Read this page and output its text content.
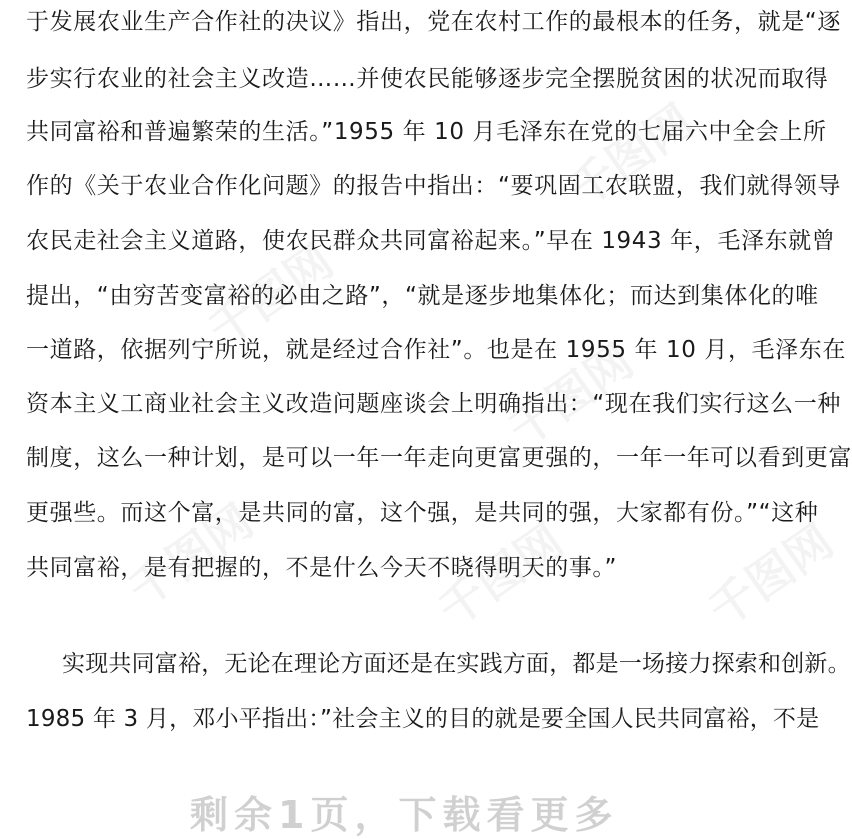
千图网
千图网
千图网
千图网	千图网	千图网
于发展农业生产合作社的决议》指出，党在农村工作的最根本的任务，就是“逐
步实行农业的社会主义改造……并使农民能够逐步完全摆脱贫困的状况而取得
共同富裕和普遍繁荣的生活。”1955 年 10 月毛泽东在党的七届六中全会上所
作的《关于农业合作化问题》的报告中指出：“要巩固工农联盟，我们就得领导
农民走社会主义道路，使农民群众共同富裕起来。”早在 1943 年，毛泽东就曾
提出，“由穷苦变富裕的必由之路”，“就是逐步地集体化；而达到集体化的唯
一道路，依据列宁所说，就是经过合作社”。也是在 1955 年 10 月，毛泽东在
资本主义工商业社会主义改造问题座谈会上明确指出：“现在我们实行这么一种
制度，这么一种计划，是可以一年一年走向更富更强的，一年一年可以看到更富
更强些。而这个富，是共同的富，这个强，是共同的强，大家都有份。”“这种
共同富裕，是有把握的，不是什么今天不晓得明天的事。”
实现共同富裕，无论在理论方面还是在实践方面，都是一场接力探索和创新。
1985 年 3 月，邓小平指出：”社会主义的目的就是要全国人民共同富裕，不是
剩余1页，下载看更多
